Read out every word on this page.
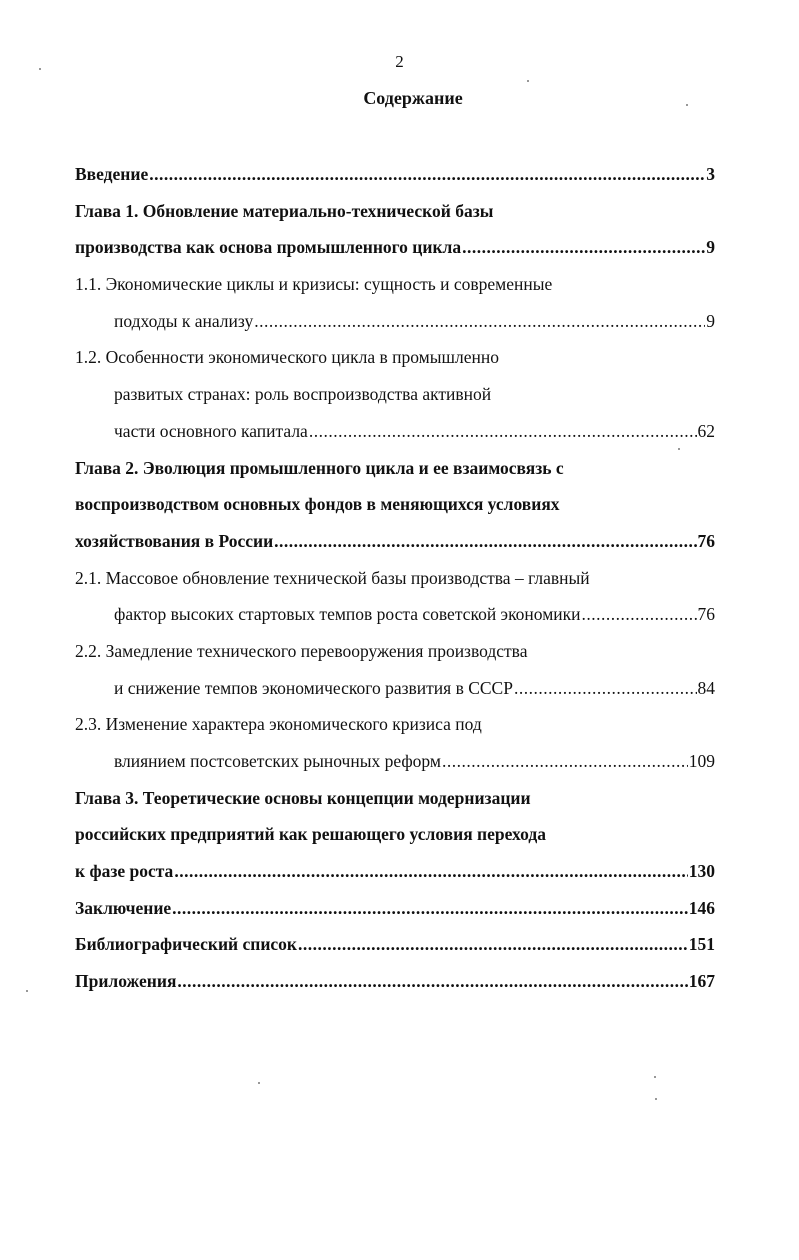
2
Содержание
Введение .....	3
Глава 1. Обновление материально-технической базы
производства как основа промышленного цикла .....	9
1.1. Экономические циклы и кризисы: сущность и современные
подходы к анализу .....	9
1.2. Особенности экономического цикла в промышленно
развитых странах: роль воспроизводства активной
части основного капитала .....	62
Глава 2. Эволюция промышленного цикла и ее взаимосвязь с
воспроизводством основных фондов в меняющихся условиях
хозяйствования в России .....	76
2.1. Массовое обновление технической базы производства – главный
фактор высоких стартовых темпов роста советской экономики .....	76
2.2. Замедление технического перевооружения производства
и снижение темпов экономического развития в СССР .....	84
2.3. Изменение характера экономического кризиса под
влиянием постсоветских рыночных реформ .....	109
Глава 3. Теоретические основы концепции модернизации
российских предприятий как решающего условия перехода
к фазе роста .....	130
Заключение .....	146
Библиографический список .....	151
Приложения .....	167
